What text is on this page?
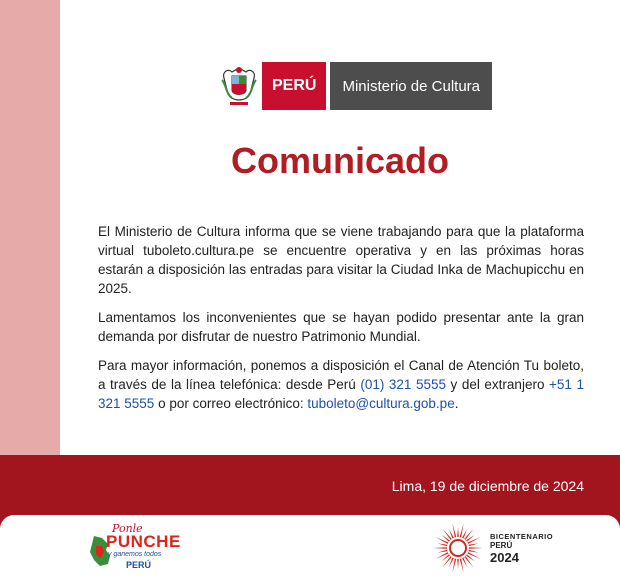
PERÚ	Ministerio de Cultura
Comunicado

El Ministerio de Cultura informa que se viene trabajando para que la plataforma virtual tuboleto.cultura.pe se encuentre operativa y en las próximas horas estarán a disposición las entradas para visitar la Ciudad Inka de Machupicchu en 2025.

Lamentamos los inconvenientes que se hayan podido presentar ante la gran demanda por disfrutar de nuestro Patrimonio Mundial.

Para mayor información, ponemos a disposición el Canal de Atención Tu boleto, a través de la línea telefónica: desde Perú (01) 321 5555 y del extranjero +51 1 321 5555 o por correo electrónico: tuboleto@cultura.gob.pe.

Lima, 19 de diciembre de 2024
Ponle
PUNCHE
y ganemos todos
PERÚ
BICENTENARIO
PERÚ
2024
